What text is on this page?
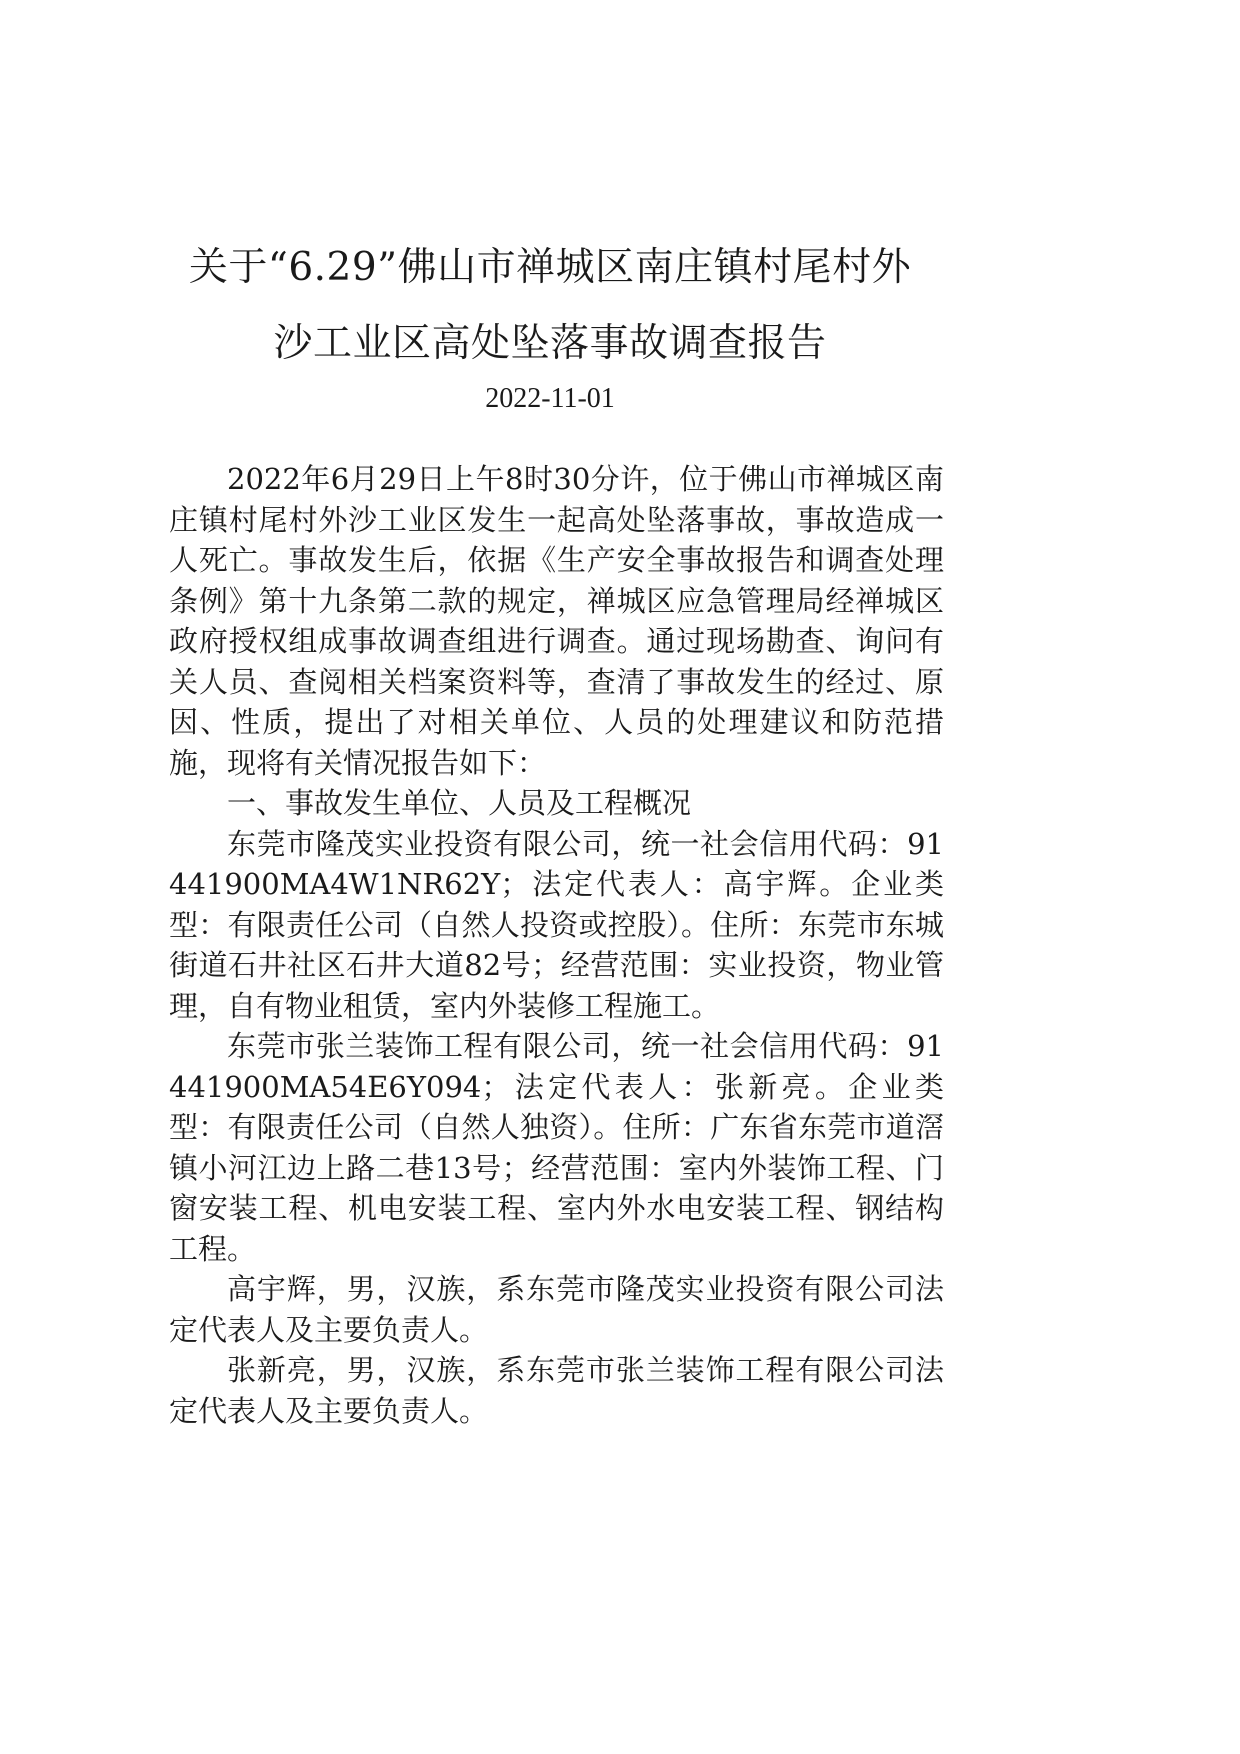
关于“6.29”佛山市禅城区南庄镇村尾村外
沙工业区高处坠落事故调查报告
2022-11-01

2022年6月29日上午8时30分许，位于佛山市禅城区南庄镇村尾村外沙工业区发生一起高处坠落事故，事故造成一人死亡。事故发生后，依据《生产安全事故报告和调查处理条例》第十九条第二款的规定，禅城区应急管理局经禅城区政府授权组成事故调查组进行调查。通过现场勘查、询问有关人员、查阅相关档案资料等，查清了事故发生的经过、原因、性质，提出了对相关单位、人员的处理建议和防范措施，现将有关情况报告如下：

一、事故发生单位、人员及工程概况

东莞市隆茂实业投资有限公司，统一社会信用代码：91441900MA4W1NR62Y；法定代表人：高宇辉。企业类型：有限责任公司（自然人投资或控股）。住所：东莞市东城街道石井社区石井大道82号；经营范围：实业投资，物业管理，自有物业租赁，室内外装修工程施工。

东莞市张兰装饰工程有限公司，统一社会信用代码：91441900MA54E6Y094；法定代表人：张新亮。企业类型：有限责任公司（自然人独资）。住所：广东省东莞市道滘镇小河江边上路二巷13号；经营范围：室内外装饰工程、门窗安装工程、机电安装工程、室内外水电安装工程、钢结构工程。

高宇辉，男，汉族，系东莞市隆茂实业投资有限公司法定代表人及主要负责人。

张新亮，男，汉族，系东莞市张兰装饰工程有限公司法定代表人及主要负责人。
